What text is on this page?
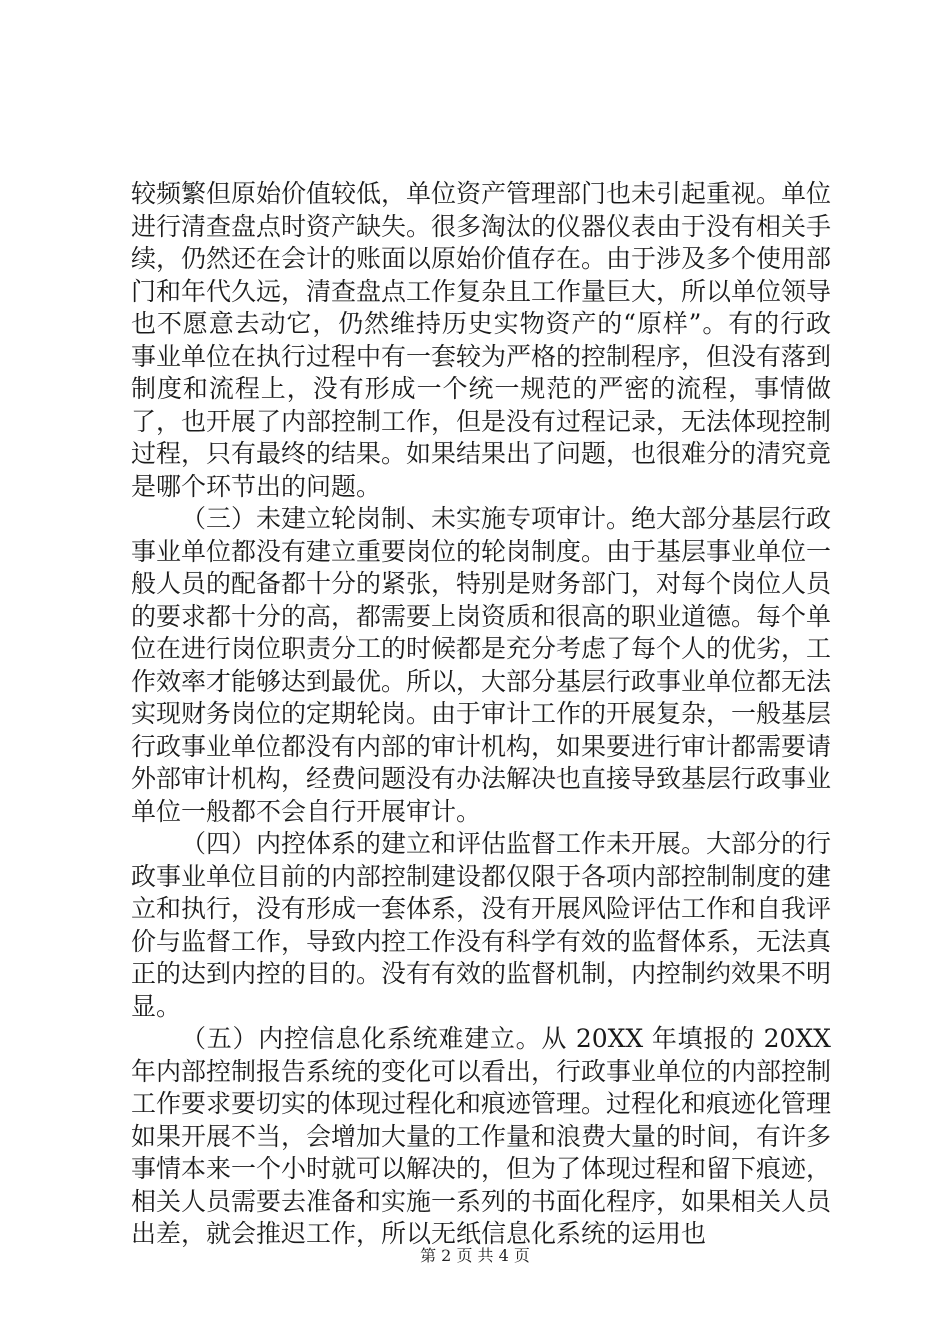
较频繁但原始价值较低，单位资产管理部门也未引起重视。单位进行清查盘点时资产缺失。很多淘汰的仪器仪表由于没有相关手续，仍然还在会计的账面以原始价值存在。由于涉及多个使用部门和年代久远，清查盘点工作复杂且工作量巨大，所以单位领导也不愿意去动它，仍然维持历史实物资产的“原样”。有的行政事业单位在执行过程中有一套较为严格的控制程序，但没有落到制度和流程上，没有形成一个统一规范的严密的流程，事情做了，也开展了内部控制工作，但是没有过程记录，无法体现控制过程，只有最终的结果。如果结果出了问题，也很难分的清究竟是哪个环节出的问题。

（三）未建立轮岗制、未实施专项审计。绝大部分基层行政事业单位都没有建立重要岗位的轮岗制度。由于基层事业单位一般人员的配备都十分的紧张，特别是财务部门，对每个岗位人员的要求都十分的高，都需要上岗资质和很高的职业道德。每个单位在进行岗位职责分工的时候都是充分考虑了每个人的优劣，工作效率才能够达到最优。所以，大部分基层行政事业单位都无法实现财务岗位的定期轮岗。由于审计工作的开展复杂，一般基层行政事业单位都没有内部的审计机构，如果要进行审计都需要请外部审计机构，经费问题没有办法解决也直接导致基层行政事业单位一般都不会自行开展审计。

（四）内控体系的建立和评估监督工作未开展。大部分的行政事业单位目前的内部控制建设都仅限于各项内部控制制度的建立和执行，没有形成一套体系，没有开展风险评估工作和自我评价与监督工作，导致内控工作没有科学有效的监督体系，无法真正的达到内控的目的。没有有效的监督机制，内控制约效果不明显。

（五）内控信息化系统难建立。从 20XX 年填报的 20XX 年内部控制报告系统的变化可以看出，行政事业单位的内部控制工作要求要切实的体现过程化和痕迹管理。过程化和痕迹化管理如果开展不当，会增加大量的工作量和浪费大量的时间，有许多事情本来一个小时就可以解决的，但为了体现过程和留下痕迹，相关人员需要去准备和实施一系列的书面化程序，如果相关人员出差，就会推迟工作，所以无纸信息化系统的运用也

第 2 页 共 4 页
